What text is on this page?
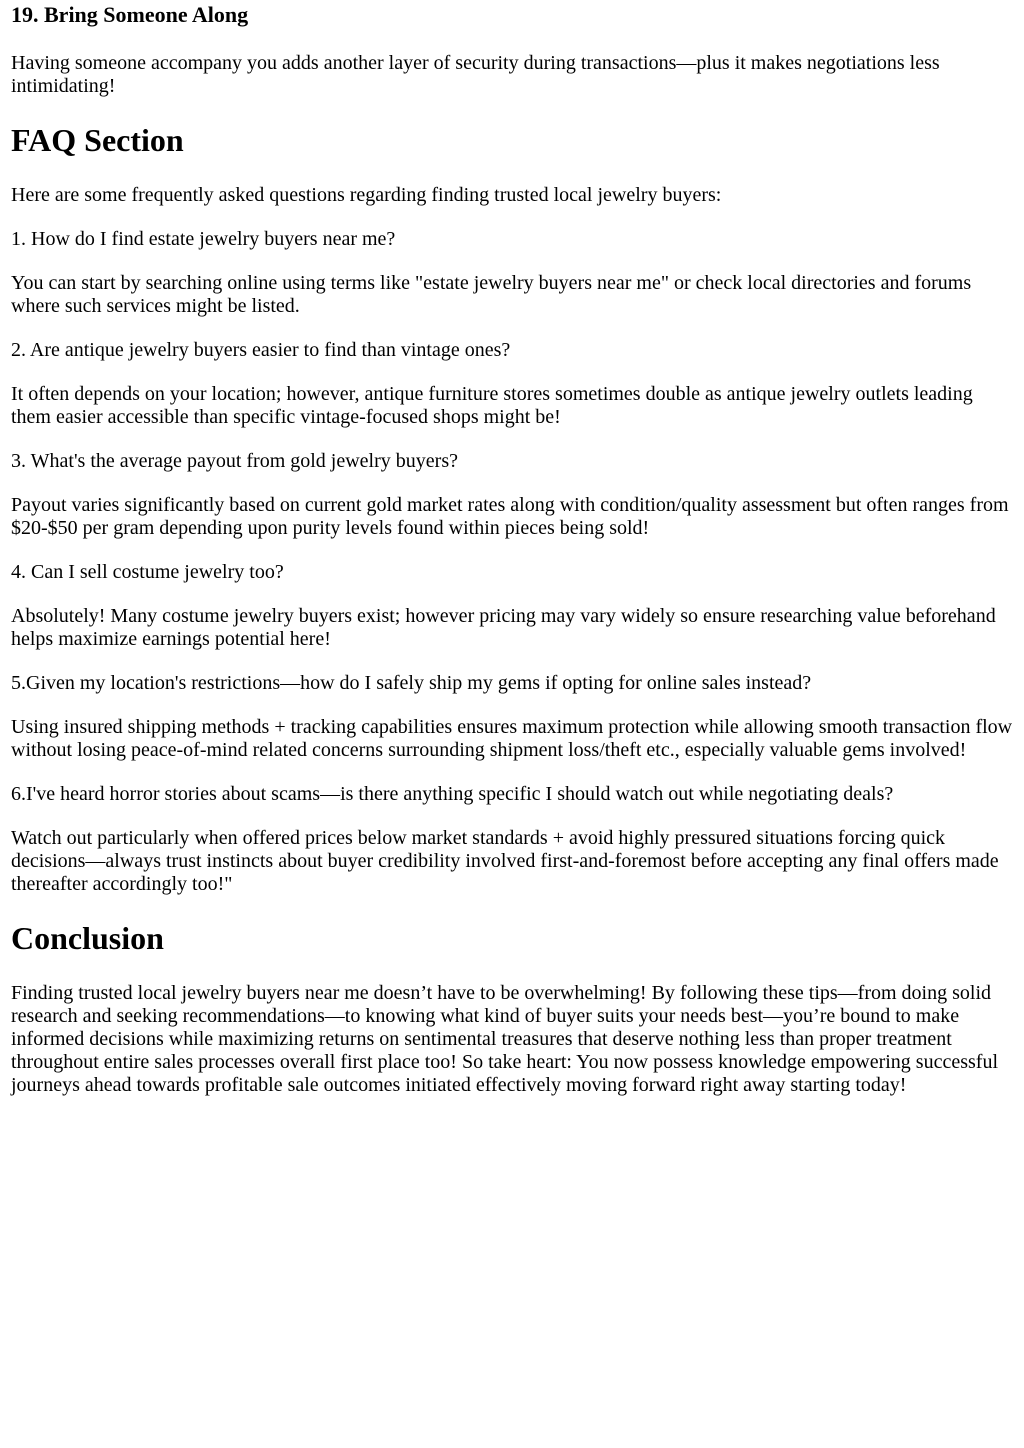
19. Bring Someone Along

Having someone accompany you adds another layer of security during transactions—plus it makes negotiations less intimidating!

FAQ Section

Here are some frequently asked questions regarding finding trusted local jewelry buyers:

1. How do I find estate jewelry buyers near me?

You can start by searching online using terms like "estate jewelry buyers near me" or check local directories and forums where such services might be listed.

2. Are antique jewelry buyers easier to find than vintage ones?

It often depends on your location; however, antique furniture stores sometimes double as antique jewelry outlets leading them easier accessible than specific vintage-focused shops might be!

3. What's the average payout from gold jewelry buyers?

Payout varies significantly based on current gold market rates along with condition/quality assessment but often ranges from $20-$50 per gram depending upon purity levels found within pieces being sold!

4. Can I sell costume jewelry too?

Absolutely! Many costume jewelry buyers exist; however pricing may vary widely so ensure researching value beforehand helps maximize earnings potential here!

5.Given my location's restrictions—how do I safely ship my gems if opting for online sales instead?

Using insured shipping methods + tracking capabilities ensures maximum protection while allowing smooth transaction flow without losing peace-of-mind related concerns surrounding shipment loss/theft etc., especially valuable gems involved!

6.I've heard horror stories about scams—is there anything specific I should watch out while negotiating deals?

Watch out particularly when offered prices below market standards + avoid highly pressured situations forcing quick decisions—always trust instincts about buyer credibility involved first-and-foremost before accepting any final offers made thereafter accordingly too!"

Conclusion

Finding trusted local jewelry buyers near me doesn’t have to be overwhelming! By following these tips—from doing solid research and seeking recommendations—to knowing what kind of buyer suits your needs best—you’re bound to make informed decisions while maximizing returns on sentimental treasures that deserve nothing less than proper treatment throughout entire sales processes overall first place too! So take heart: You now possess knowledge empowering successful journeys ahead towards profitable sale outcomes initiated effectively moving forward right away starting today!
